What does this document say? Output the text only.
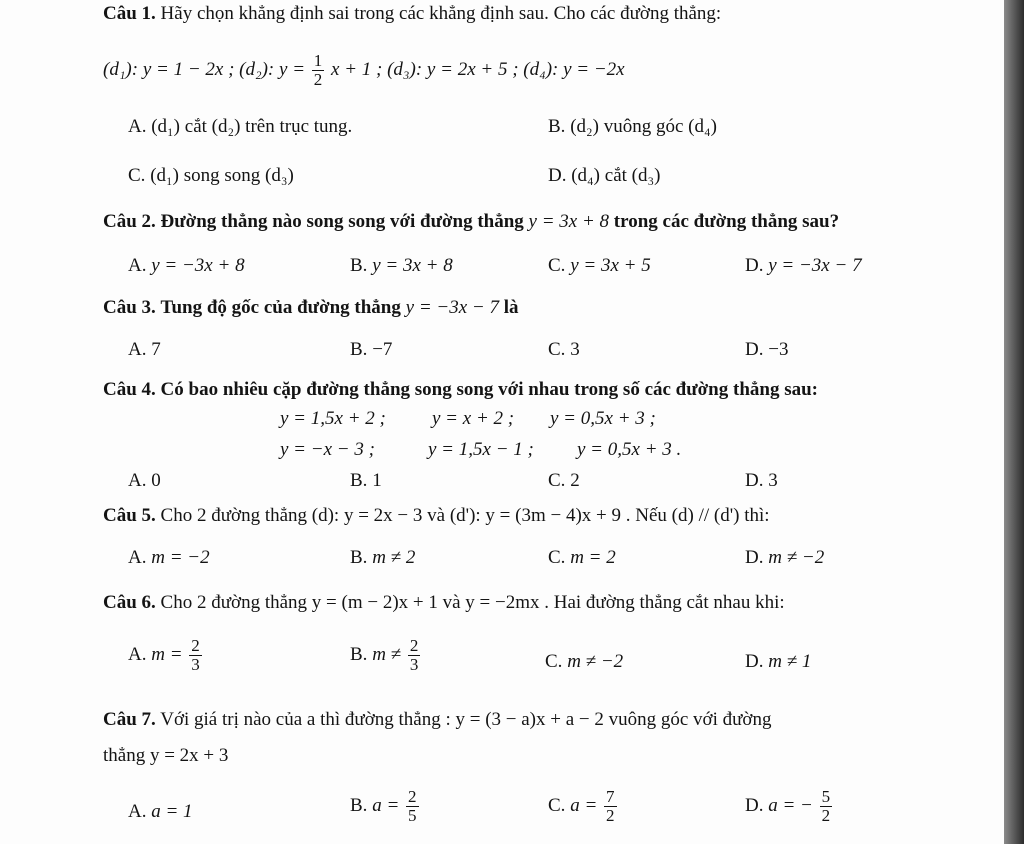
Câu 1. Hãy chọn khẳng định sai trong các khẳng định sau. Cho các đường thẳng:
(d₁): y = 1 − 2x ; (d₂): $y = \frac{1}{2}$ x + 1 ; (d₃): y = 2x + 5 ; (d₄): y = −2x
A. (d₁) cắt (d₂) trên trục tung.	B. (d₂) vuông góc (d₄)
C. (d₁) song song (d₃)	D. (d₄) cắt (d₃)
Câu 2. Đường thẳng nào song song với đường thẳng y = 3x + 8 trong các đường thẳng sau?
A. y = −3x + 8	B. y = 3x + 8	C. y = 3x + 5	D. y = −3x − 7
Câu 3. Tung độ gốc của đường thẳng y = −3x − 7 là
A. 7	B. −7	C. 3	D. −3
Câu 4. Có bao nhiêu cặp đường thẳng song song với nhau trong số các đường thẳng sau:
y = 1,5x + 2 ; y = x + 2 ; y = 0,5x + 3 ;
y = −x − 3 ;	y = 1,5x − 1 ; y = 0,5x + 3 .
A. 0	B. 1	C. 2	D. 3
Câu 5. Cho 2 đường thẳng (d): y = 2x − 3 và (d'): y = (3m − 4)x + 9 . Nếu (d) // (d') thì:
A. m = −2	B. m ≠ 2	C. m = 2	D. m ≠ −2
Câu 6. Cho 2 đường thẳng y = (m − 2)x + 1 và y = −2mx . Hai đường thẳng cắt nhau khi:
A. $m = \frac{2}{3}$	B. $m \ne \frac{2}{3}$	C. m ≠ −2	D. m ≠ 1
Câu 7. Với giá trị nào của a thì đường thẳng : y = (3 − a)x + a − 2 vuông góc với đường
thẳng y = 2x + 3
A. a = 1	B. $a = \frac{2}{5}$	C. $a = \frac{7}{2}$	D. a = − $\frac{5}{2}$
